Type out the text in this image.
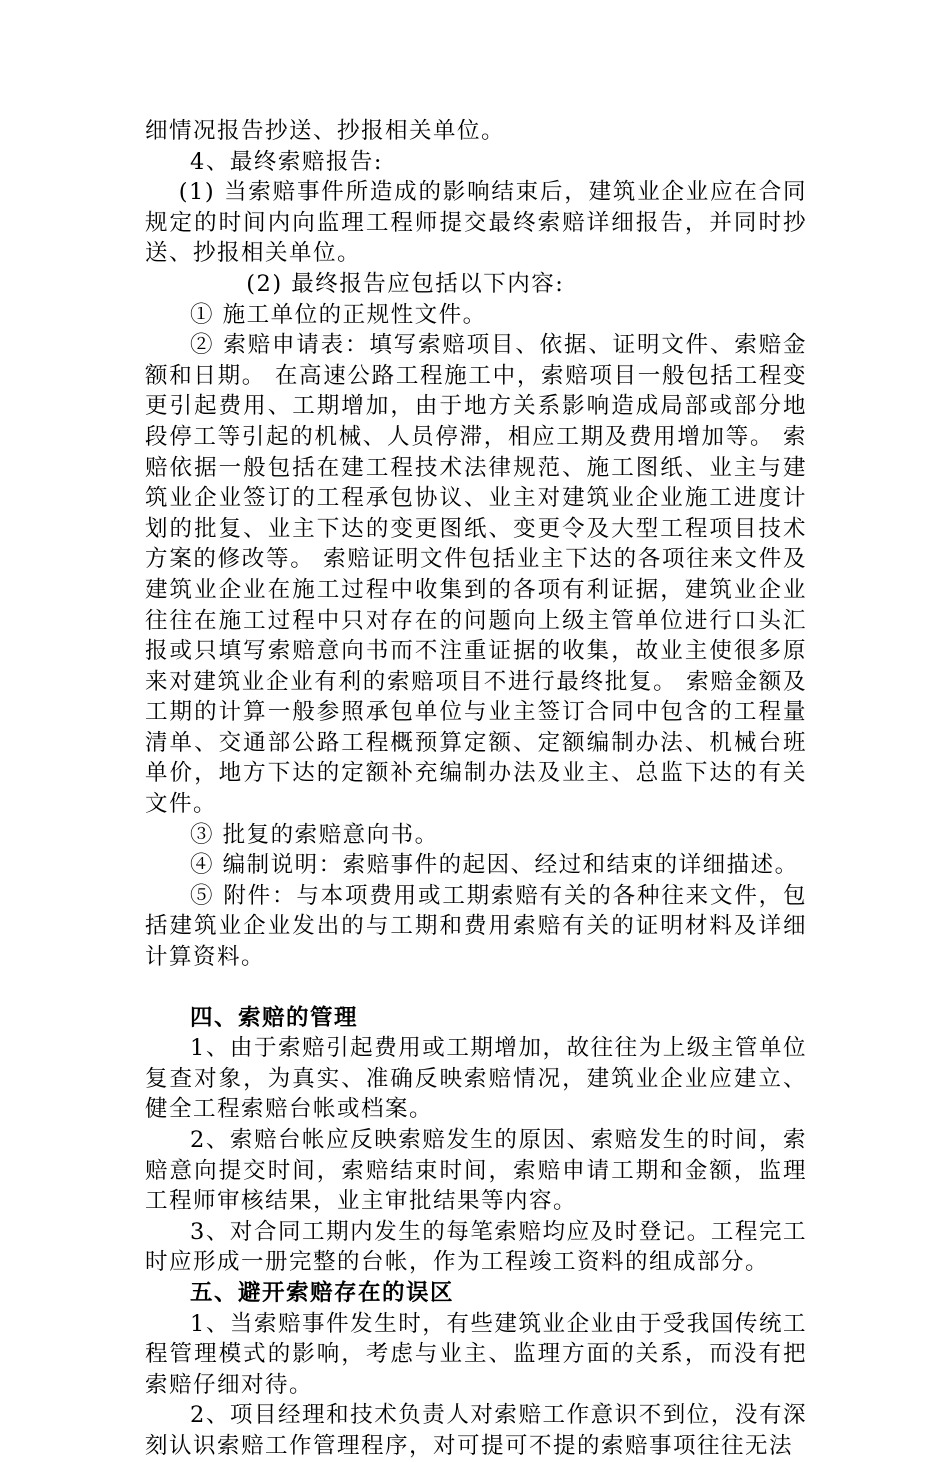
细情况报告抄送、抄报相关单位。

4、最终索赔报告:

(1) 当索赔事件所造成的影响结束后，建筑业企业应在合同规定的时间内向监理工程师提交最终索赔详细报告，并同时抄送、抄报相关单位。

(2) 最终报告应包括以下内容:

① 施工单位的正规性文件。

② 索赔申请表：填写索赔项目、依据、证明文件、索赔金额和日期。 在高速公路工程施工中，索赔项目一般包括工程变更引起费用、工期增加，由于地方关系影响造成局部或部分地段停工等引起的机械、人员停滞，相应工期及费用增加等。 索赔依据一般包括在建工程技术法律规范、施工图纸、业主与建筑业企业签订的工程承包协议、业主对建筑业企业施工进度计划的批复、业主下达的变更图纸、变更令及大型工程项目技术方案的修改等。 索赔证明文件包括业主下达的各项往来文件及建筑业企业在施工过程中收集到的各项有利证据，建筑业企业往往在施工过程中只对存在的问题向上级主管单位进行口头汇报或只填写索赔意向书而不注重证据的收集，故业主使很多原来对建筑业企业有利的索赔项目不进行最终批复。 索赔金额及工期的计算一般参照承包单位与业主签订合同中包含的工程量清单、交通部公路工程概预算定额、定额编制办法、机械台班单价，地方下达的定额补充编制办法及业主、总监下达的有关文件。

③ 批复的索赔意向书。

④ 编制说明：索赔事件的起因、经过和结束的详细描述。

⑤ 附件：与本项费用或工期索赔有关的各种往来文件，包括建筑业企业发出的与工期和费用索赔有关的证明材料及详细计算资料。

四、索赔的管理

1、由于索赔引起费用或工期增加，故往往为上级主管单位复查对象，为真实、准确反映索赔情况，建筑业企业应建立、健全工程索赔台帐或档案。

2、索赔台帐应反映索赔发生的原因、索赔发生的时间，索赔意向提交时间，索赔结束时间，索赔申请工期和金额，监理工程师审核结果，业主审批结果等内容。

3、对合同工期内发生的每笔索赔均应及时登记。工程完工时应形成一册完整的台帐，作为工程竣工资料的组成部分。

五、避开索赔存在的误区

1、当索赔事件发生时，有些建筑业企业由于受我国传统工程管理模式的影响，考虑与业主、监理方面的关系，而没有把索赔仔细对待。

2、项目经理和技术负责人对索赔工作意识不到位，没有深刻认识索赔工作管理程序，对可提可不提的索赔事项往往无法
